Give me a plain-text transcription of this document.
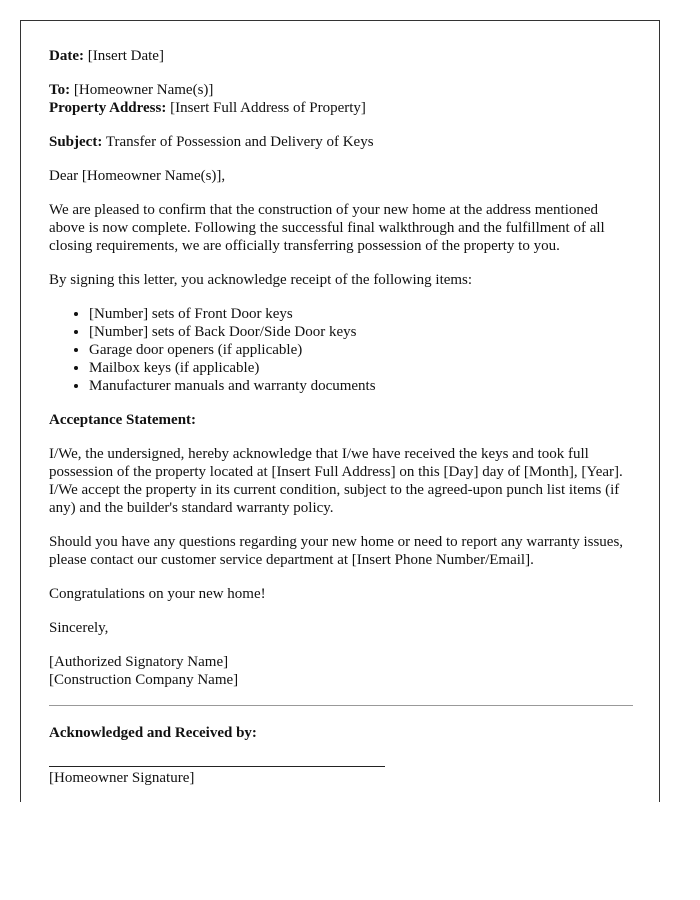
Date: [Insert Date]

To: [Homeowner Name(s)]
Property Address: [Insert Full Address of Property]

Subject: Transfer of Possession and Delivery of Keys

Dear [Homeowner Name(s)],

We are pleased to confirm that the construction of your new home at the address mentioned above is now complete. Following the successful final walkthrough and the fulfillment of all closing requirements, we are officially transferring possession of the property to you.

By signing this letter, you acknowledge receipt of the following items:

• [Number] sets of Front Door keys
• [Number] sets of Back Door/Side Door keys
• Garage door openers (if applicable)
• Mailbox keys (if applicable)
• Manufacturer manuals and warranty documents

Acceptance Statement:

I/We, the undersigned, hereby acknowledge that I/we have received the keys and took full possession of the property located at [Insert Full Address] on this [Day] day of [Month], [Year]. I/We accept the property in its current condition, subject to the agreed-upon punch list items (if any) and the builder's standard warranty policy.

Should you have any questions regarding your new home or need to report any warranty issues, please contact our customer service department at [Insert Phone Number/Email].

Congratulations on your new home!

Sincerely,

[Authorized Signatory Name]
[Construction Company Name]

Acknowledged and Received by:

[Homeowner Signature]
